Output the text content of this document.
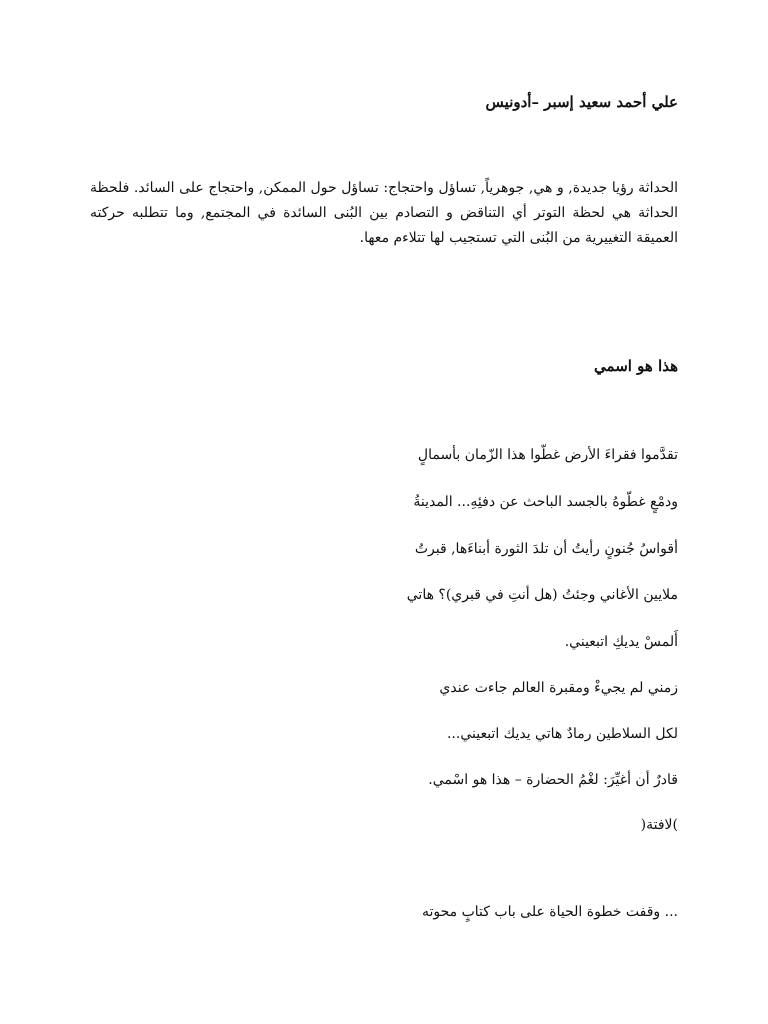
علي أحمد سعيد إسبر –أدونيس
الحداثة رؤيا جديدة, و هي, جوهرياً, تساؤل واحتجاج: تساؤل حول الممكن, واحتجاج على السائد. فلحظة الحداثة هي لحظة التوتر أي التناقض و التصادم بين البُنى السائدة في المجتمع, وما تتطلبه حركته العميقة التغييرية من البُنى التي تستجيب لها تتلاءم معها.
هذا هو اسمي
تقدَّموا فقراءَ الأرض غطّوا هذا الزّمان بأسمالٍ
ودمْعٍ غطّوهُ بالجسد الباحث عن دفئِهِ... المدينةُ
أقواسُ جُنونٍ رأيتُ أن تلدَ الثورة أبناءَها, قبرتُ
ملايين الأغاني وجئتُ (هل أنتِ في قبري)؟ هاتي
أَلمسْ يديكِ اتبعيني.
زمني لم يجيءْ ومقبرة العالم جاءت عندي
لكل السلاطين رمادٌ هاتي يديك اتبعيني...
قادرٌ أن أغيِّرَ: لغْمُ الحضارة – هذا هو اسْمي.
)لافتة(
... وقفت خطوة الحياة على باب كتابٍ محوته
